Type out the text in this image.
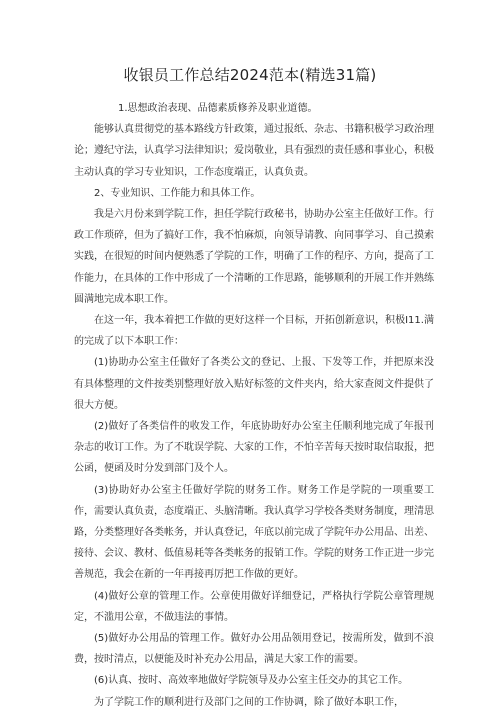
收银员工作总结2024范本(精选31篇)

1.思想政治表现、品德素质修养及职业道德。

能够认真贯彻党的基本路线方针政策，通过报纸、杂志、书籍积极学习政治理论；遵纪守法，认真学习法律知识；爱岗敬业，具有强烈的责任感和事业心，积极主动认真的学习专业知识，工作态度端正，认真负责。

2、专业知识、工作能力和具体工作。

我是六月份来到学院工作，担任学院行政秘书，协助办公室主任做好工作。行政工作琐碎，但为了搞好工作，我不怕麻烦，向领导请教、向同事学习、自己摸索实践，在很短的时间内便熟悉了学院的工作，明确了工作的程序、方向，提高了工作能力，在具体的工作中形成了一个清晰的工作思路，能够顺利的开展工作并熟练圆满地完成本职工作。

在这一年，我本着把工作做的更好这样一个目标，开拓创新意识，积极I11.满的完成了以下本职工作：

(1)协助办公室主任做好了各类公文的登记、上报、下发等工作，并把原来没有具体整理的文件按类别整理好放入贴好标签的文件夹内，给大家查阅文件提供了很大方便。

(2)做好了各类信件的收发工作，年底协助好办公室主任顺利地完成了年报刊杂志的收订工作。为了不耽误学院、大家的工作，不怕辛苦每天按时取信取报，把公函，便函及时分发到部门及个人。

(3)协助好办公室主任做好学院的财务工作。财务工作是学院的一项重要工作，需要认真负责，态度端正、头脑清晰。我认真学习学校各类财务制度，理清思路，分类整理好各类帐务，并认真登记，年底以前完成了学院年办公用品、出差、接待、会议、教材、低值易耗等各类帐务的报销工作。学院的财务工作正进一步完善规范，我会在新的一年再接再厉把工作做的更好。

(4)做好公章的管理工作。公章使用做好详细登记，严格执行学院公章管理规定，不滥用公章，不做违法的事情。

(5)做好办公用品的管理工作。做好办公用品领用登记，按需所发，做到不浪费，按时清点，以便能及时补充办公用品，满足大家工作的需要。

(6)认真、按时、高效率地做好学院领导及办公室主任交办的其它工作。

为了学院工作的顺利进行及部门之间的工作协调，除了做好本职工作，
